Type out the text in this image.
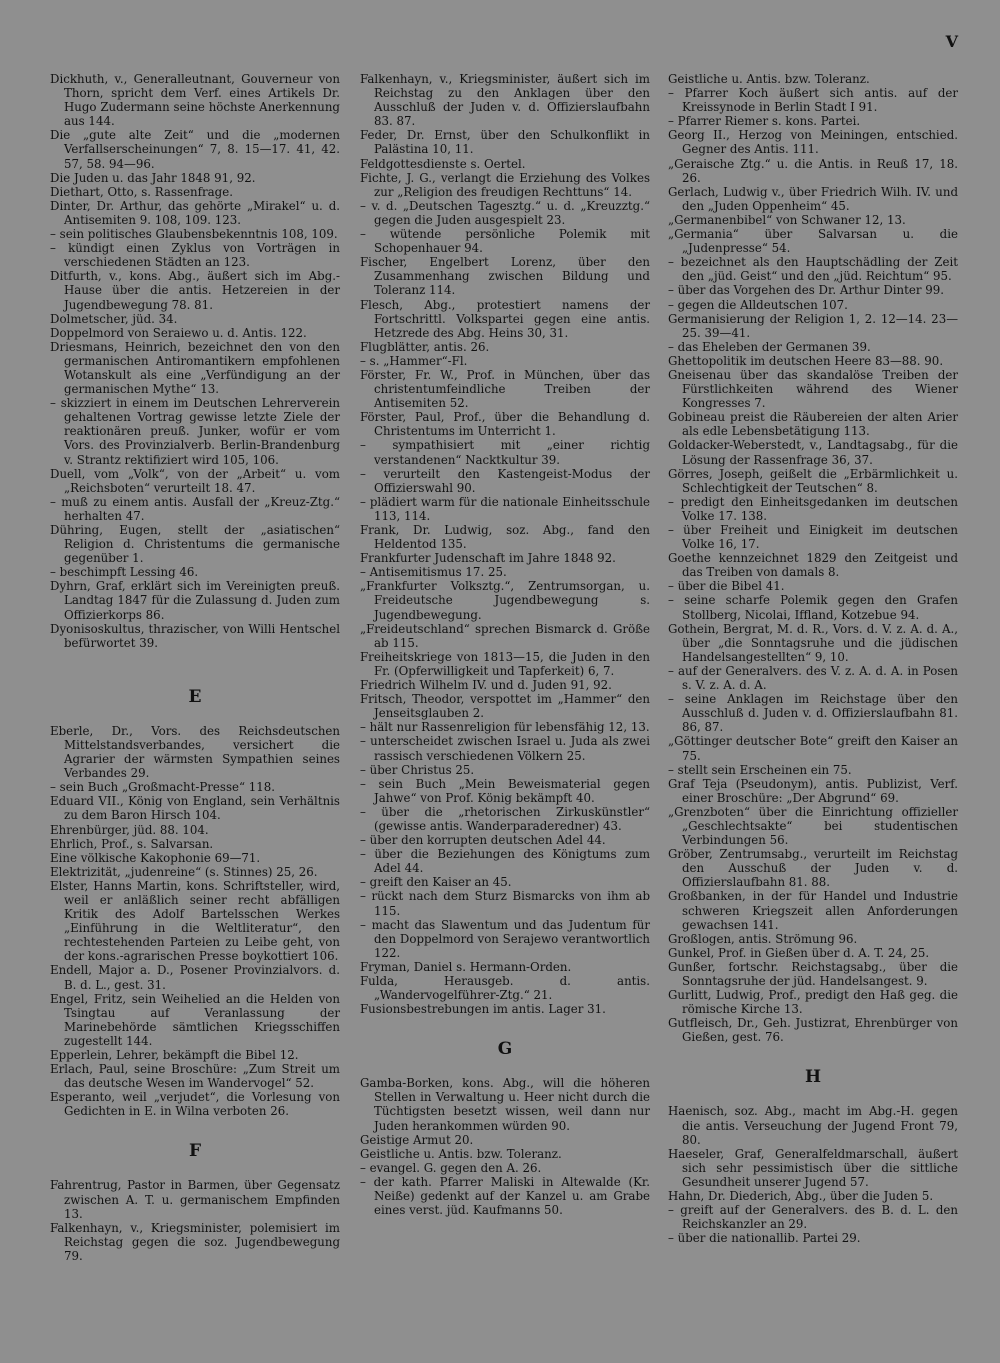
V

Dickhuth, v., Generalleutnant, Gouverneur von Thorn, spricht dem Verf. eines Artikels Dr. Hugo Zudermann seine höchste Anerkennung aus 144.

Die „gute alte Zeit“ und die „modernen Verfallserscheinungen“ 7, 8. 15—17. 41, 42. 57, 58. 94—96.

Die Juden u. das Jahr 1848 91, 92.

Diethart, Otto, s. Rassenfrage.

Dinter, Dr. Arthur, das gehörte „Mirakel“ u. d. Antisemiten 9. 108, 109. 123.

– sein politisches Glaubensbekenntnis 108, 109.

– kündigt einen Zyklus von Vorträgen in verschiedenen Städten an 123.

Ditfurth, v., kons. Abg., äußert sich im Abg.-Hause über die antis. Hetzereien in der Jugendbewegung 78. 81.

Dolmetscher, jüd. 34.

Doppelmord von Seraiewo u. d. Antis. 122.

Driesmans, Heinrich, bezeichnet den von den germanischen Antiromantikern empfohlenen Wotanskult als eine „Verfündigung an der germanischen Mythe“ 13.

– skizziert in einem im Deutschen Lehrerverein gehaltenen Vortrag gewisse letzte Ziele der reaktionären preuß. Junker, wofür er vom Vors. des Provinzialverb. Berlin-Brandenburg v. Strantz rektifiziert wird 105, 106.

Duell, vom „Volk“, von der „Arbeit“ u. vom „Reichsboten“ verurteilt 18. 47.

– muß zu einem antis. Ausfall der „Kreuz-Ztg.“ herhalten 47.

Dühring, Eugen, stellt der „asiatischen“ Religion d. Christentums die germanische gegenüber 1.

– beschimpft Lessing 46.

Dyhrn, Graf, erklärt sich im Vereinigten preuß. Landtag 1847 für die Zulassung d. Juden zum Offizierkorps 86.

Dyonisoskultus, thrazischer, von Willi Hentschel befürwortet 39.

E

Eberle, Dr., Vors. des Reichsdeutschen Mittelstandsverbandes, versichert die Agrarier der wärmsten Sympathien seines Verbandes 29.

– sein Buch „Großmacht-Presse“ 118.

Eduard VII., König von England, sein Verhältnis zu dem Baron Hirsch 104.

Ehrenbürger, jüd. 88. 104.

Ehrlich, Prof., s. Salvarsan.

Eine völkische Kakophonie 69—71.

Elektrizität, „judenreine“ (s. Stinnes) 25, 26.

Elster, Hanns Martin, kons. Schriftsteller, wird, weil er anläßlich seiner recht abfälligen Kritik des Adolf Bartelsschen Werkes „Einführung in die Weltliteratur“, den rechtestehenden Parteien zu Leibe geht, von der kons.-agrarischen Presse boykottiert 106.

Endell, Major a. D., Posener Provinzialvors. d. B. d. L., gest. 31.

Engel, Fritz, sein Weihelied an die Helden von Tsingtau auf Veranlassung der Marinebehörde sämtlichen Kriegsschiffen zugestellt 144.

Epperlein, Lehrer, bekämpft die Bibel 12.

Erlach, Paul, seine Broschüre: „Zum Streit um das deutsche Wesen im Wandervogel“ 52.

Esperanto, weil „verjudet“, die Vorlesung von Gedichten in E. in Wilna verboten 26.

F

Fahrentrug, Pastor in Barmen, über Gegensatz zwischen A. T. u. germanischem Empfinden 13.

Falkenhayn, v., Kriegsminister, polemisiert im Reichstag gegen die soz. Jugendbewegung 79.

Falkenhayn, v., Kriegsminister, äußert sich im Reichstag zu den Anklagen über den Ausschluß der Juden v. d. Offizierslaufbahn 83. 87.

Feder, Dr. Ernst, über den Schulkonflikt in Palästina 10, 11.

Feldgottesdienste s. Oertel.

Fichte, J. G., verlangt die Erziehung des Volkes zur „Religion des freudigen Rechttuns“ 14.

– v. d. „Deutschen Tagesztg.“ u. d. „Kreuzztg.“ gegen die Juden ausgespielt 23.

– wütende persönliche Polemik mit Schopenhauer 94.

Fischer, Engelbert Lorenz, über den Zusammenhang zwischen Bildung und Toleranz 114.

Flesch, Abg., protestiert namens der Fortschrittl. Volkspartei gegen eine antis. Hetzrede des Abg. Heins 30, 31.

Flugblätter, antis. 26.

– s. „Hammer“-Fl.

Förster, Fr. W., Prof. in München, über das christentumfeindliche Treiben der Antisemiten 52.

Förster, Paul, Prof., über die Behandlung d. Christentums im Unterricht 1.

– sympathisiert mit „einer richtig verstandenen“ Nacktkultur 39.

– verurteilt den Kastengeist-Modus der Offizierswahl 90.

– plädiert warm für die nationale Einheitsschule 113, 114.

Frank, Dr. Ludwig, soz. Abg., fand den Heldentod 135.

Frankfurter Judenschaft im Jahre 1848 92.

– Antisemitismus 17. 25.

„Frankfurter Volksztg.“, Zentrumsorgan, u. Freideutsche Jugendbewegung s. Jugendbewegung.

„Freideutschland“ sprechen Bismarck d. Größe ab 115.

Freiheitskriege von 1813—15, die Juden in den Fr. (Opferwilligkeit und Tapferkeit) 6, 7.

Friedrich Wilhelm IV. und d. Juden 91, 92.

Fritsch, Theodor, verspottet im „Hammer“ den Jenseitsglauben 2.

– hält nur Rassenreligion für lebensfähig 12, 13.

– unterscheidet zwischen Israel u. Juda als zwei rassisch verschiedenen Völkern 25.

– über Christus 25.

– sein Buch „Mein Beweismaterial gegen Jahwe“ von Prof. König bekämpft 40.

– über die „rhetorischen Zirkuskünstler“ (gewisse antis. Wanderparaderedner) 43.

– über den korrupten deutschen Adel 44.

– über die Beziehungen des Königtums zum Adel 44.

– greift den Kaiser an 45.

– rückt nach dem Sturz Bismarcks von ihm ab 115.

– macht das Slawentum und das Judentum für den Doppelmord von Serajewo verantwortlich 122.

Fryman, Daniel s. Hermann-Orden.

Fulda, Herausgeb. d. antis. „Wandervogelführer-Ztg.“ 21.

Fusionsbestrebungen im antis. Lager 31.

G

Gamba-Borken, kons. Abg., will die höheren Stellen in Verwaltung u. Heer nicht durch die Tüchtigsten besetzt wissen, weil dann nur Juden herankommen würden 90.

Geistige Armut 20.

Geistliche u. Antis. bzw. Toleranz.

– evangel. G. gegen den A. 26.

– der kath. Pfarrer Maliski in Altewalde (Kr. Neiße) gedenkt auf der Kanzel u. am Grabe eines verst. jüd. Kaufmanns 50.

Geistliche u. Antis. bzw. Toleranz.

– Pfarrer Koch äußert sich antis. auf der Kreissynode in Berlin Stadt I 91.

– Pfarrer Riemer s. kons. Partei.

Georg II., Herzog von Meiningen, entschied. Gegner des Antis. 111.

„Geraische Ztg.“ u. die Antis. in Reuß 17, 18. 26.

Gerlach, Ludwig v., über Friedrich Wilh. IV. und den „Juden Oppenheim“ 45.

„Germanenbibel“ von Schwaner 12, 13.

„Germania“ über Salvarsan u. die „Judenpresse“ 54.

– bezeichnet als den Hauptschädling der Zeit den „jüd. Geist“ und den „jüd. Reichtum“ 95.

– über das Vorgehen des Dr. Arthur Dinter 99.

– gegen die Alldeutschen 107.

Germanisierung der Religion 1, 2. 12—14. 23—25. 39—41.

– das Eheleben der Germanen 39.

Ghettopolitik im deutschen Heere 83—88. 90.

Gneisenau über das skandalöse Treiben der Fürstlichkeiten während des Wiener Kongresses 7.

Gobineau preist die Räubereien der alten Arier als edle Lebensbetätigung 113.

Goldacker-Weberstedt, v., Landtagsabg., für die Lösung der Rassenfrage 36, 37.

Görres, Joseph, geißelt die „Erbärmlichkeit u. Schlechtigkeit der Teutschen“ 8.

– predigt den Einheitsgedanken im deutschen Volke 17. 138.

– über Freiheit und Einigkeit im deutschen Volke 16, 17.

Goethe kennzeichnet 1829 den Zeitgeist und das Treiben von damals 8.

– über die Bibel 41.

– seine scharfe Polemik gegen den Grafen Stollberg, Nicolai, Iffland, Kotzebue 94.

Gothein, Bergrat, M. d. R., Vors. d. V. z. A. d. A., über „die Sonntagsruhe und die jüdischen Handelsangestellten“ 9, 10.

– auf der Generalvers. des V. z. A. d. A. in Posen s. V. z. A. d. A.

– seine Anklagen im Reichstage über den Ausschluß d. Juden v. d. Offizierslaufbahn 81. 86, 87.

„Göttinger deutscher Bote“ greift den Kaiser an 75.

– stellt sein Erscheinen ein 75.

Graf Teja (Pseudonym), antis. Publizist, Verf. einer Broschüre: „Der Abgrund“ 69.

„Grenzboten“ über die Einrichtung offizieller „Geschlechtsakte“ bei studentischen Verbindungen 56.

Gröber, Zentrumsabg., verurteilt im Reichstag den Ausschuß der Juden v. d. Offizierslaufbahn 81. 88.

Großbanken, in der für Handel und Industrie schweren Kriegszeit allen Anforderungen gewachsen 141.

Großlogen, antis. Strömung 96.

Gunkel, Prof. in Gießen über d. A. T. 24, 25.

Gunßer, fortschr. Reichstagsabg., über die Sonntagsruhe der jüd. Handelsangest. 9.

Gurlitt, Ludwig, Prof., predigt den Haß geg. die römische Kirche 13.

Gutfleisch, Dr., Geh. Justizrat, Ehrenbürger von Gießen, gest. 76.

H

Haenisch, soz. Abg., macht im Abg.-H. gegen die antis. Verseuchung der Jugend Front 79, 80.

Haeseler, Graf, Generalfeldmarschall, äußert sich sehr pessimistisch über die sittliche Gesundheit unserer Jugend 57.

Hahn, Dr. Diederich, Abg., über die Juden 5.

– greift auf der Generalvers. des B. d. L. den Reichskanzler an 29.

– über die nationallib. Partei 29.
